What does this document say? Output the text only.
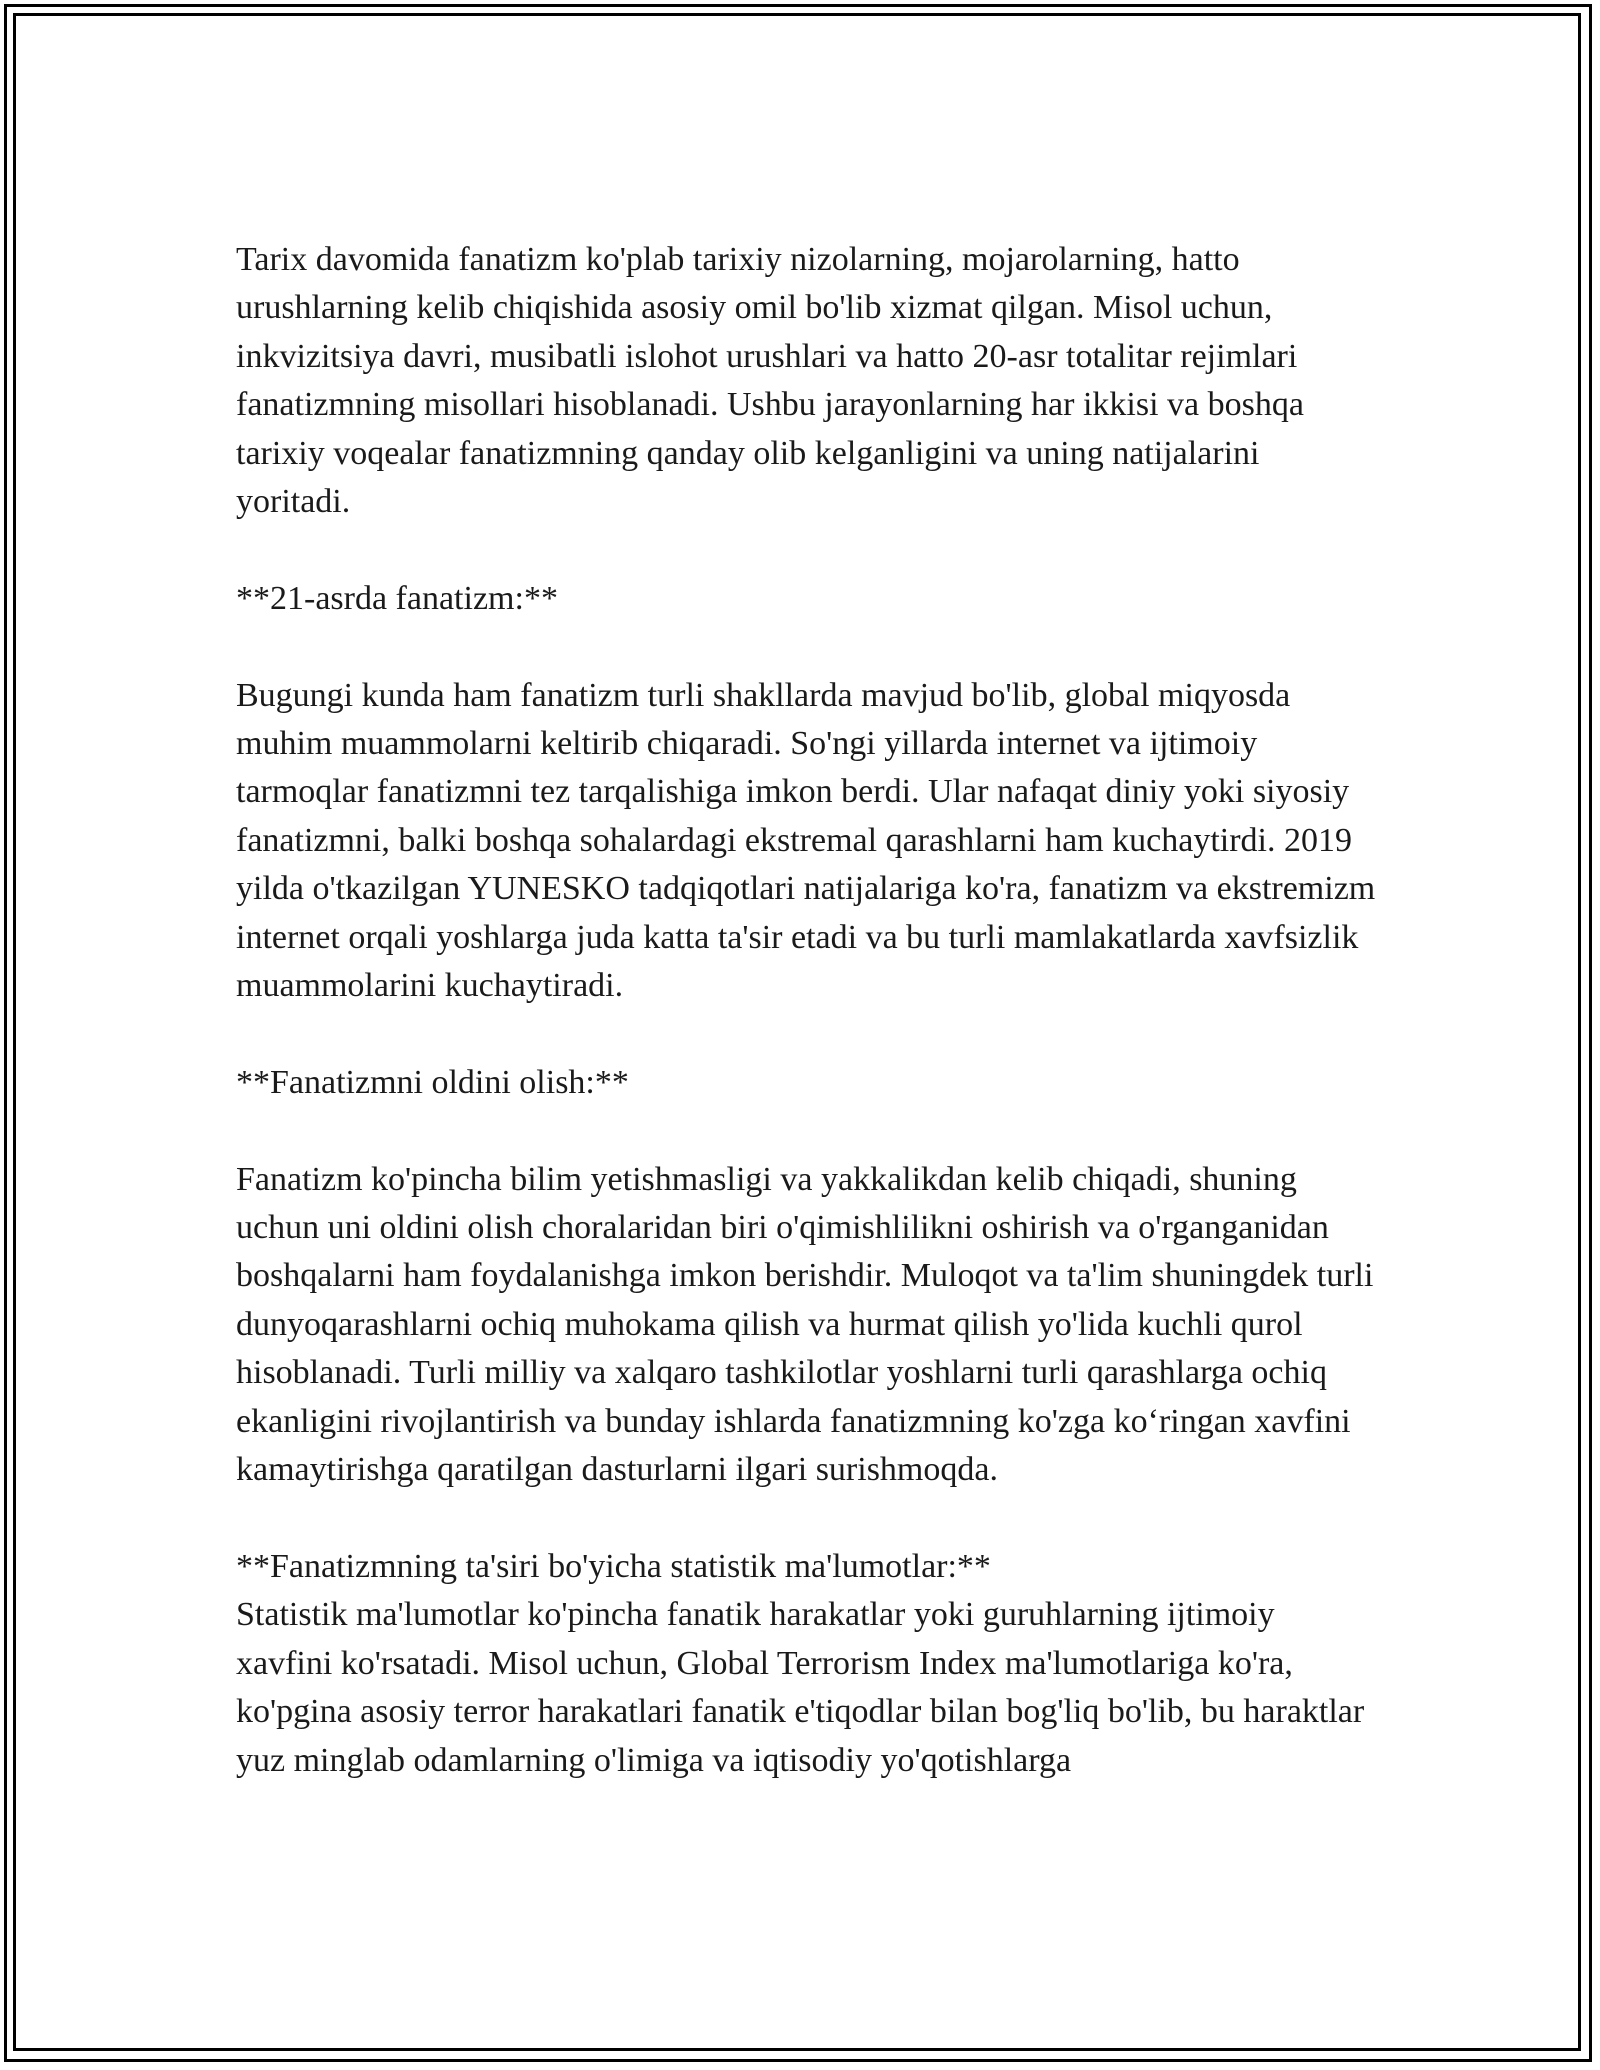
Tarix davomida fanatizm ko'plab tarixiy nizolarning, mojarolarning, hatto urushlarning kelib chiqishida asosiy omil bo'lib xizmat qilgan. Misol uchun, inkvizitsiya davri, musibatli islohot urushlari va hatto 20-asr totalitar rejimlari fanatizmning misollari hisoblanadi. Ushbu jarayonlarning har ikkisi va boshqa tarixiy voqealar fanatizmning qanday olib kelganligini va uning natijalarini yoritadi.

**21-asrda fanatizm:**

Bugungi kunda ham fanatizm turli shakllarda mavjud bo'lib, global miqyosda muhim muammolarni keltirib chiqaradi. So'ngi yillarda internet va ijtimoiy tarmoqlar fanatizmni tez tarqalishiga imkon berdi. Ular nafaqat diniy yoki siyosiy fanatizmni, balki boshqa sohalardagi ekstremal qarashlarni ham kuchaytirdi. 2019 yilda o'tkazilgan YUNESKO tadqiqotlari natijalariga ko'ra, fanatizm va ekstremizm internet orqali yoshlarga juda katta ta'sir etadi va bu turli mamlakatlarda xavfsizlik muammolarini kuchaytiradi.

**Fanatizmni oldini olish:**

Fanatizm ko'pincha bilim yetishmasligi va yakkalikdan kelib chiqadi, shuning uchun uni oldini olish choralaridan biri o'qimishlilikni oshirish va o'rganganidan boshqalarni ham foydalanishga imkon berishdir. Muloqot va ta'lim shuningdek turli dunyoqarashlarni ochiq muhokama qilish va hurmat qilish yo'lida kuchli qurol hisoblanadi. Turli milliy va xalqaro tashkilotlar yoshlarni turli qarashlarga ochiq ekanligini rivojlantirish va bunday ishlarda fanatizmning ko'zga ko‘ringan xavfini kamaytirishga qaratilgan dasturlarni ilgari surishmoqda.

**Fanatizmning ta'siri bo'yicha statistik ma'lumotlar:**

Statistik ma'lumotlar ko'pincha fanatik harakatlar yoki guruhlarning ijtimoiy xavfini ko'rsatadi. Misol uchun, Global Terrorism Index ma'lumotlariga ko'ra, ko'pgina asosiy terror harakatlari fanatik e'tiqodlar bilan bog'liq bo'lib, bu haraktlar yuz minglab odamlarning o'limiga va iqtisodiy yo'qotishlarga
